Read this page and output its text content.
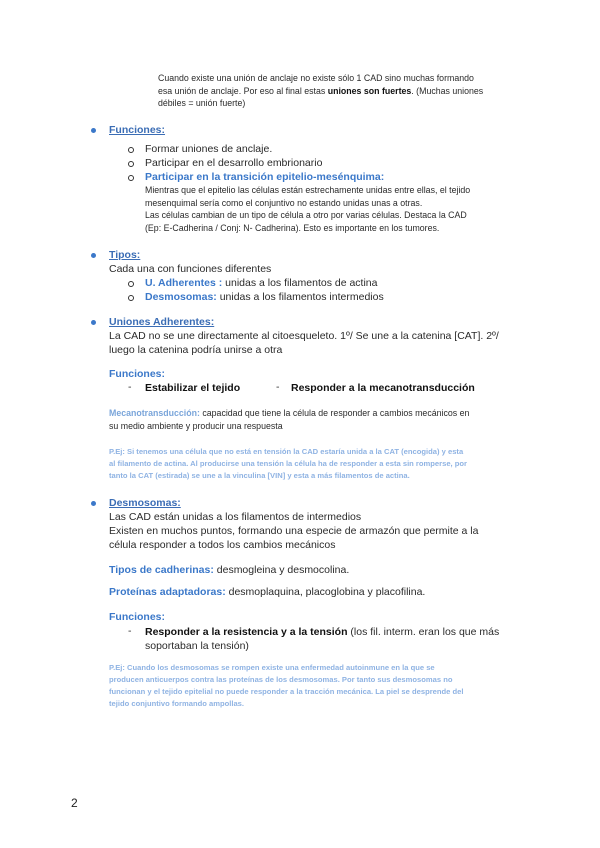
Cuando existe una unión de anclaje no existe sólo 1 CAD sino muchas formando
esa unión de anclaje. Por eso al final estas uniones son fuertes. (Muchas uniones
débiles = unión fuerte)
Funciones:
Formar uniones de anclaje.
Participar en el desarrollo embrionario
Participar en la transición epitelio-mesénquima:
Mientras que el epitelio las células están estrechamente unidas entre ellas, el tejido
mesenquimal sería como el conjuntivo no estando unidas unas a otras.
Las células cambian de un tipo de célula a otro por varias células. Destaca la CAD
(Ep: E-Cadherina / Conj: N- Cadherina). Esto es importante en los tumores.
Tipos:
Cada una con funciones diferentes
U. Adherentes : unidas a los filamentos de actina
Desmosomas: unidas a los filamentos intermedios
Uniones Adherentes:
La CAD no se une directamente al citoesqueleto. 1º/ Se une a la catenina [CAT]. 2º/
luego la catenina podría unirse a otra
Funciones:
- Estabilizar el tejido	- Responder a la mecanotransducción
Mecanotransducción: capacidad que tiene la célula de responder a cambios mecánicos en
su medio ambiente y producir una respuesta
P.Ej: Si tenemos una célula que no está en tensión la CAD estaría unida a la CAT (encogida) y esta
al filamento de actina. Al producirse una tensión la célula ha de responder a esta sin romperse, por
tanto la CAT (estirada) se une a la vinculina [VIN] y esta a más filamentos de actina.
Desmosomas:
Las CAD están unidas a los filamentos de intermedios
Existen en muchos puntos, formando una especie de armazón que permite a la
célula responder a todos los cambios mecánicos
Tipos de cadherinas: desmogleina y desmocolina.
Proteínas adaptadoras: desmoplaquina, placoglobina y placofilina.
Funciones:
- Responder a la resistencia y a la tensión (los fil. interm. eran los que más
soportaban la tensión)
P.Ej: Cuando los desmosomas se rompen existe una enfermedad autoinmune en la que se
producen anticuerpos contra las proteínas de los desmosomas. Por tanto sus desmosomas no
funcionan y el tejido epitelial no puede responder a la tracción mecánica. La piel se desprende del
tejido conjuntivo formando ampollas.
2
